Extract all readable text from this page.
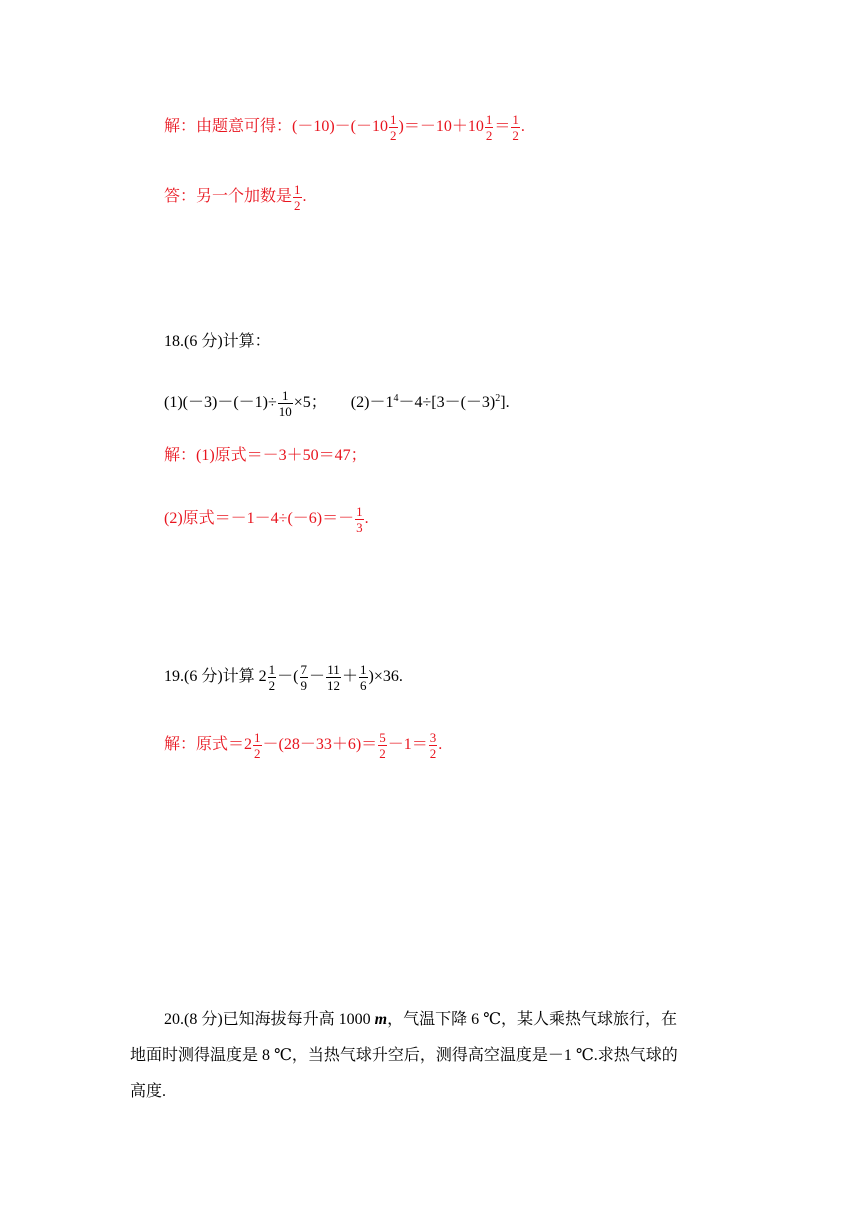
解：由题意可得：$(-10)-(-10 \frac{1}{2} )=-10+10 \frac{1}{2} = \frac{1}{2}$ .
答：另一个加数是 $\frac{1}{2}$ .
18.(6 分)计算：
$(1)(-3)-(-1)\div \frac{1}{10} \times 5$； $(2)-1^4-4\div[3-(-3)^2]$.
解：(1)原式＝－3＋50＝47；
(2)原式$=-1-4\div(-6)=- \frac{1}{3}$ .
19.(6 分)计算 $2 \frac{1}{2}$ －( $\frac{7}{9} - \frac{11}{12} + \frac{1}{6} )\times 36$.
解：原式$=2 \frac{1}{2} -(28-33+6)= \frac{5}{2} -1= \frac{3}{2}$ .
20.(8 分)已知海拔每升高 1000 m，气温下降 6 ℃，某人乘热气球旅行，在
地面时测得温度是 8 ℃，当热气球升空后，测得高空温度是－1 ℃.求热气球的
高度.
